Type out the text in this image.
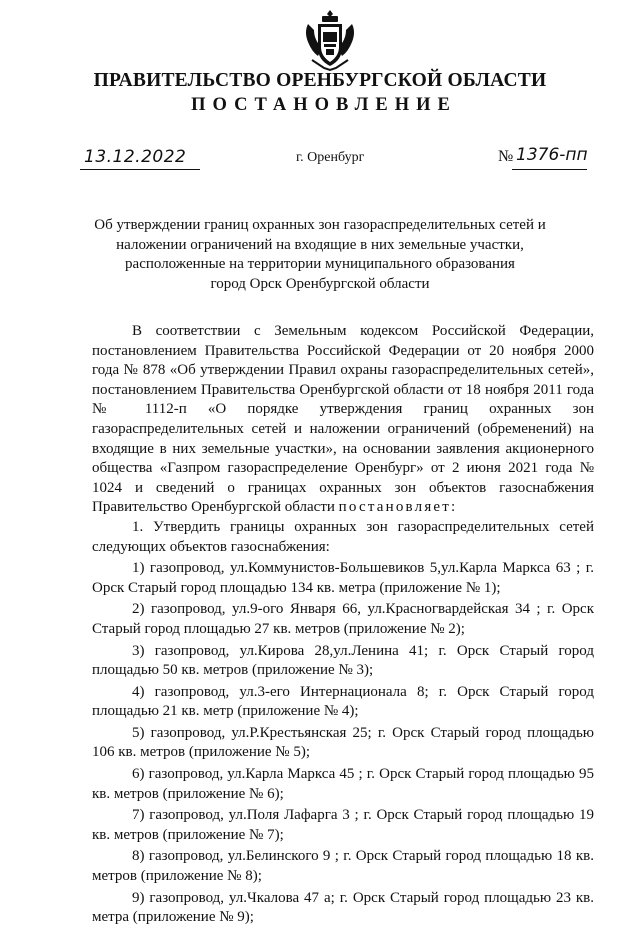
ПРАВИТЕЛЬСТВО ОРЕНБУРГСКОЙ ОБЛАСТИ
ПОСТАНОВЛЕНИЕ
13.12.2022	г. Оренбург	№ 1376-пп
Об утверждении границ охранных зон газораспределительных сетей и
наложении ограничений на входящие в них земельные участки,
расположенные на территории муниципального образования
город Орск Оренбургской области

В соответствии с Земельным кодексом Российской Федерации, постановлением Правительства Российской Федерации от 20 ноября 2000 года № 878 «Об утверждении Правил охраны газораспределительных сетей», постановлением Правительства Оренбургской области от 18 ноября 2011 года № 1112-п «О порядке утверждения границ охранных зон газораспределительных сетей и наложении ограничений (обременений) на входящие в них земельные участки», на основании заявления акционерного общества «Газпром газораспределение Оренбург» от 2 июня 2021 года № 1024 и сведений о границах охранных зон объектов газоснабжения Правительство Оренбургской области постановляет:

1. Утвердить границы охранных зон газораспределительных сетей следующих объектов газоснабжения:

1) газопровод, ул.Коммунистов-Большевиков 5,ул.Карла Маркса 63 ; г. Орск Старый город площадью 134 кв. метра (приложение № 1);

2) газопровод, ул.9-ого Января 66, ул.Красногвардейская 34 ; г. Орск Старый город площадью 27 кв. метров (приложение № 2);

3) газопровод, ул.Кирова 28,ул.Ленина 41; г. Орск Старый город площадью 50 кв. метров (приложение № 3);

4) газопровод, ул.3-его Интернационала 8; г. Орск Старый город площадью 21 кв. метр (приложение № 4);

5) газопровод, ул.Р.Крестьянская 25; г. Орск Старый город площадью 106 кв. метров (приложение № 5);

6) газопровод, ул.Карла Маркса 45 ; г. Орск Старый город площадью 95 кв. метров (приложение № 6);

7) газопровод, ул.Поля Лафарга 3 ; г. Орск Старый город площадью 19 кв. метров (приложение № 7);

8) газопровод, ул.Белинского 9 ; г. Орск Старый город площадью 18 кв. метров (приложение № 8);

9) газопровод, ул.Чкалова 47 а; г. Орск Старый город площадью 23 кв. метра (приложение № 9);
